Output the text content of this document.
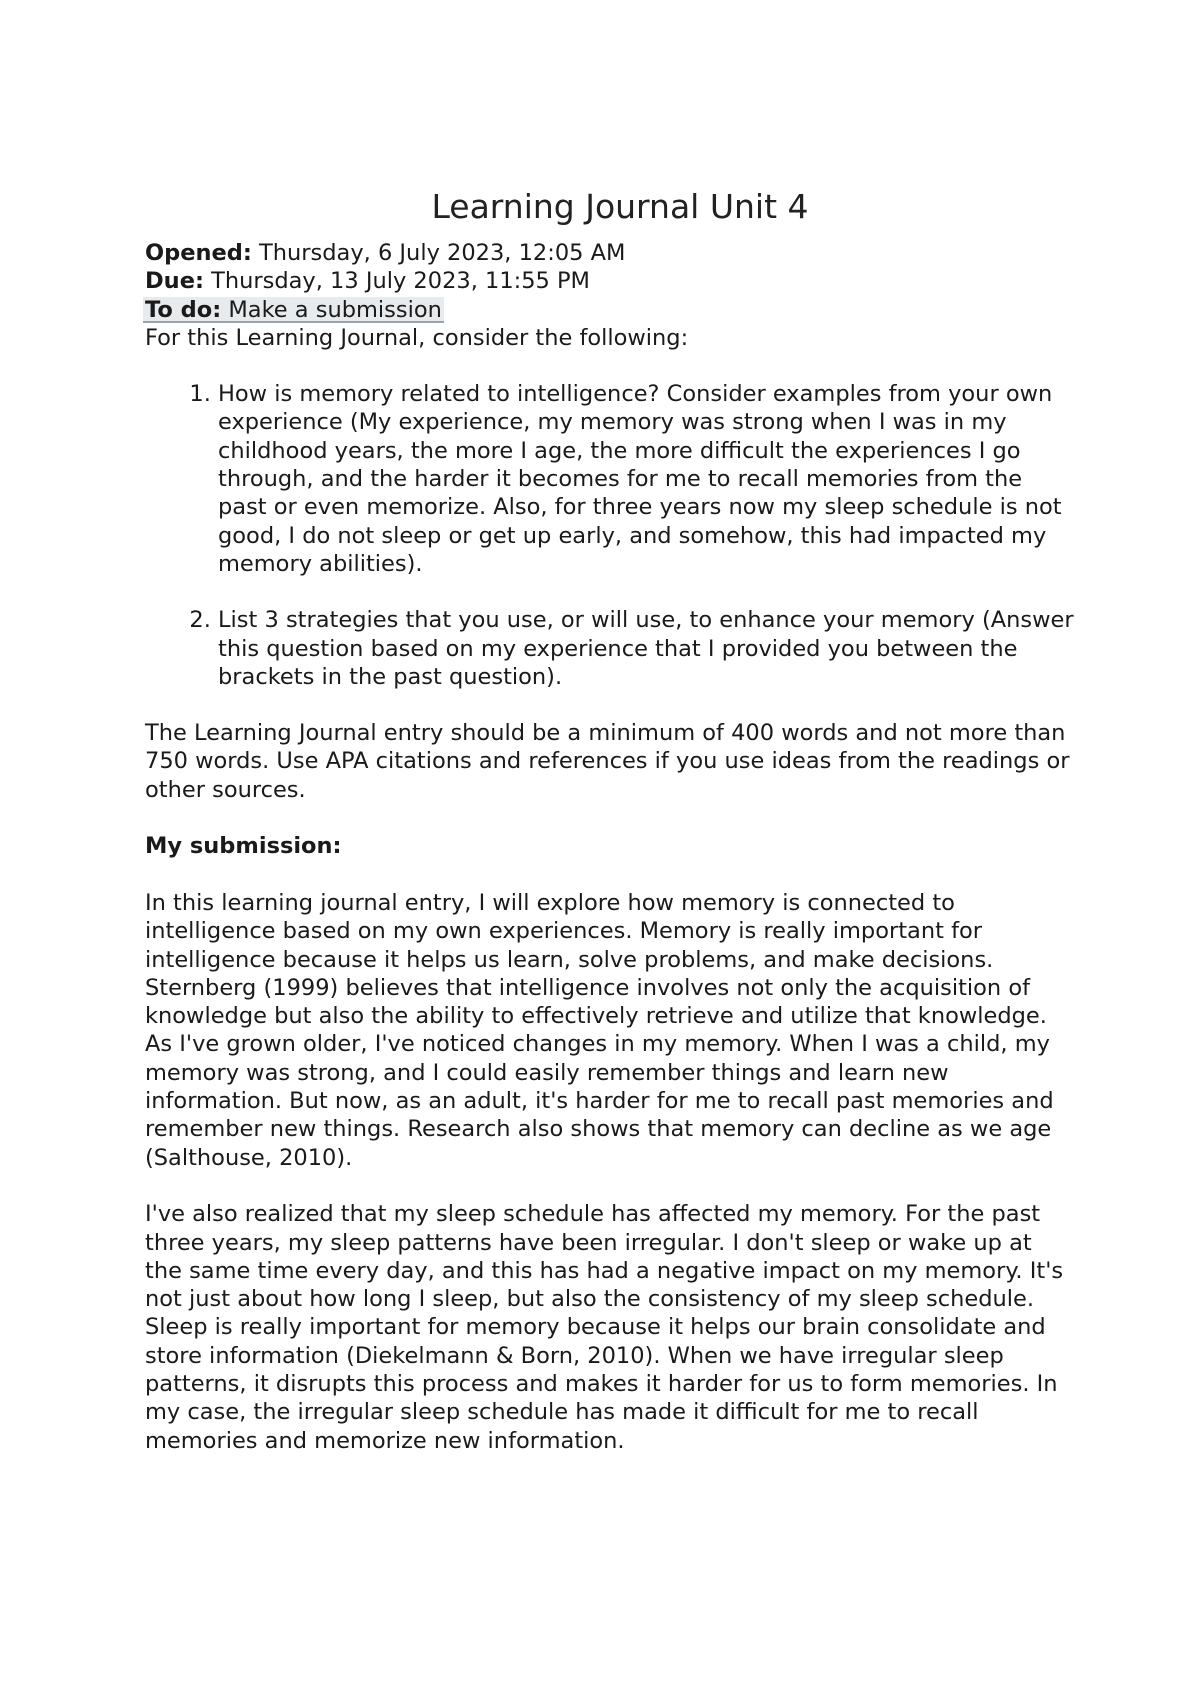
Learning Journal Unit 4

Opened: Thursday, 6 July 2023, 12:05 AM

Due: Thursday, 13 July 2023, 11:55 PM

To do: Make a submission

For this Learning Journal, consider the following:

1. How is memory related to intelligence? Consider examples from your own experience (My experience, my memory was strong when I was in my childhood years, the more I age, the more difficult the experiences I go through, and the harder it becomes for me to recall memories from the past or even memorize. Also, for three years now my sleep schedule is not good, I do not sleep or get up early, and somehow, this had impacted my memory abilities).
2. List 3 strategies that you use, or will use, to enhance your memory (Answer this question based on my experience that I provided you between the brackets in the past question).

The Learning Journal entry should be a minimum of 400 words and not more than 750 words. Use APA citations and references if you use ideas from the readings or other sources.

My submission:

In this learning journal entry, I will explore how memory is connected to intelligence based on my own experiences. Memory is really important for intelligence because it helps us learn, solve problems, and make decisions. Sternberg (1999) believes that intelligence involves not only the acquisition of knowledge but also the ability to effectively retrieve and utilize that knowledge. As I've grown older, I've noticed changes in my memory. When I was a child, my memory was strong, and I could easily remember things and learn new information. But now, as an adult, it's harder for me to recall past memories and remember new things. Research also shows that memory can decline as we age (Salthouse, 2010).

I've also realized that my sleep schedule has affected my memory. For the past three years, my sleep patterns have been irregular. I don't sleep or wake up at the same time every day, and this has had a negative impact on my memory. It's not just about how long I sleep, but also the consistency of my sleep schedule. Sleep is really important for memory because it helps our brain consolidate and store information (Diekelmann & Born, 2010). When we have irregular sleep patterns, it disrupts this process and makes it harder for us to form memories. In my case, the irregular sleep schedule has made it difficult for me to recall memories and memorize new information.
